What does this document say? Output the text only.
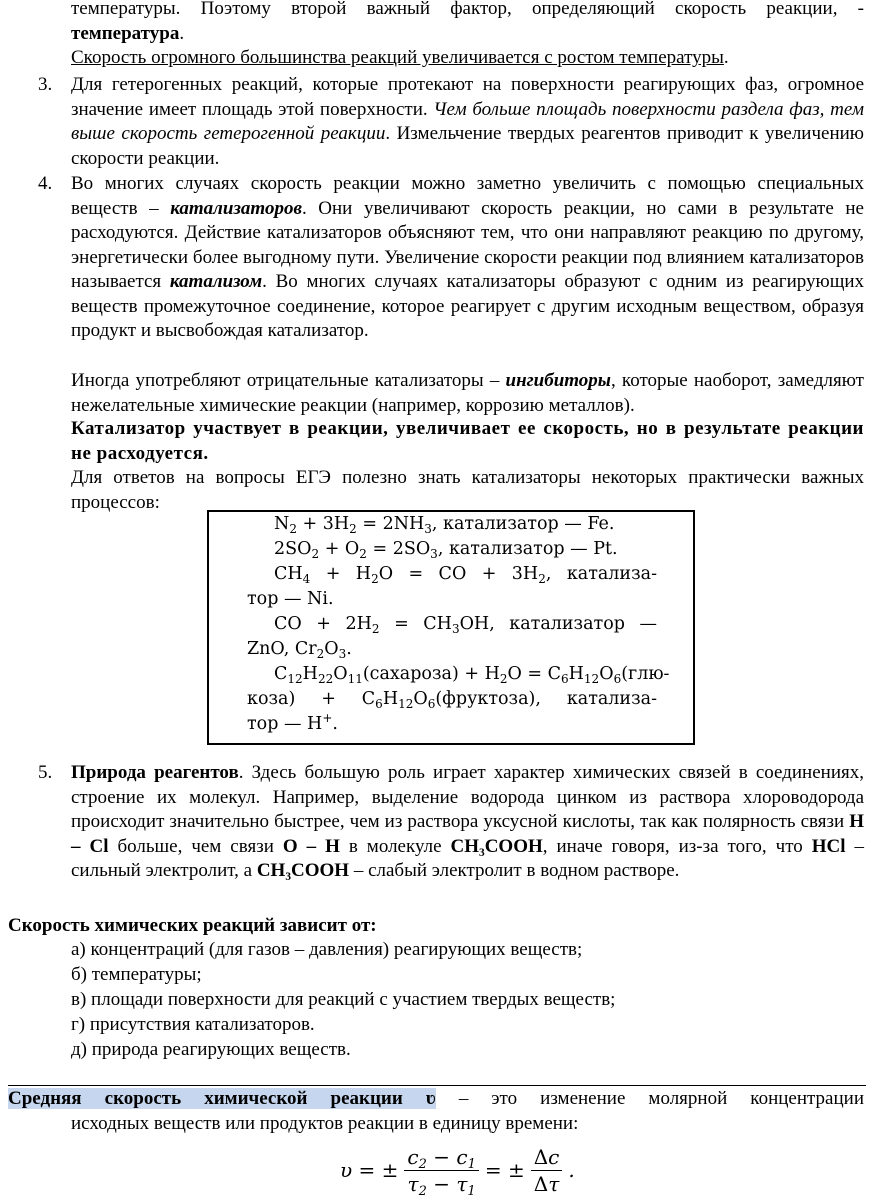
температуры. Поэтому второй важный фактор, определяющий скорость реакции, -
температура.
Скорость огромного большинства реакций увеличивается с ростом температуры.
3. Для гетерогенных реакций, которые протекают на поверхности реагирующих фаз, огромное значение имеет площадь этой поверхности. Чем больше площадь поверхности раздела фаз, тем выше скорость гетерогенной реакции. Измельчение твердых реагентов приводит к увеличению скорости реакции.
4. Во многих случаях скорость реакции можно заметно увеличить с помощью специальных веществ – катализаторов. Они увеличивают скорость реакции, но сами в результате не расходуются. Действие катализаторов объясняют тем, что они направляют реакцию по другому, энергетически более выгодному пути. Увеличение скорости реакции под влиянием катализаторов называется катализом. Во многих случаях катализаторы образуют с одним из реагирующих веществ промежуточное соединение, которое реагирует с другим исходным веществом, образуя продукт и высвобождая катализатор.
Иногда употребляют отрицательные катализаторы – ингибиторы, которые наоборот, замедляют нежелательные химические реакции (например, коррозию металлов).
Катализатор участвует в реакции, увеличивает ее скорость, но в результате реакции не расходуется.
Для ответов на вопросы ЕГЭ полезно знать катализаторы некоторых практически важных процессов:
$N_2 + 3H_2 = 2NH_3$, катализатор — Fe.
$2SO_2 + O_2 = 2SO_3$, катализатор — Pt.
$CH_4 + H_2O$ = CO + $3H_2$, катализа-
тор — Ni.
CO + $2H_2 = CH_3OH$, катализатор —
ZnO, $Cr_2O_3$.
$C_{12}H_{22}O_{11}(сахароза) + H_2O = C_6H_{12}O_6(глю-$
коза) + $C_6H_{12}O_6(фруктоза)$, катализа-
тор — H+.
5. Природа реагентов. Здесь большую роль играет характер химических связей в соединениях, строение их молекул. Например, выделение водорода цинком из раствора хлороводорода происходит значительно быстрее, чем из раствора уксусной кислоты, так как полярность связи H – Cl больше, чем связи O – H в молекуле CH₃COOH, иначе говоря, из-за того, что HCl – сильный электролит, а CH₃COOH – слабый электролит в водном растворе.
Скорость химических реакций зависит от:
а) концентраций (для газов – давления) реагирующих веществ;
б) температуры;
в) площади поверхности для реакций с участием твердых веществ;
г) присутствия катализаторов.
д) природа реагирующих веществ.
Средняя скорость химической реакции ʋ – это изменение молярной концентрации
исходных веществ или продуктов реакции в единицу времени:
υ = ± $\frac{c_2 - c_1}{\tau_2 - \tau_1}$ = ± $\frac{\Delta c}{\Delta\tau}$ .
